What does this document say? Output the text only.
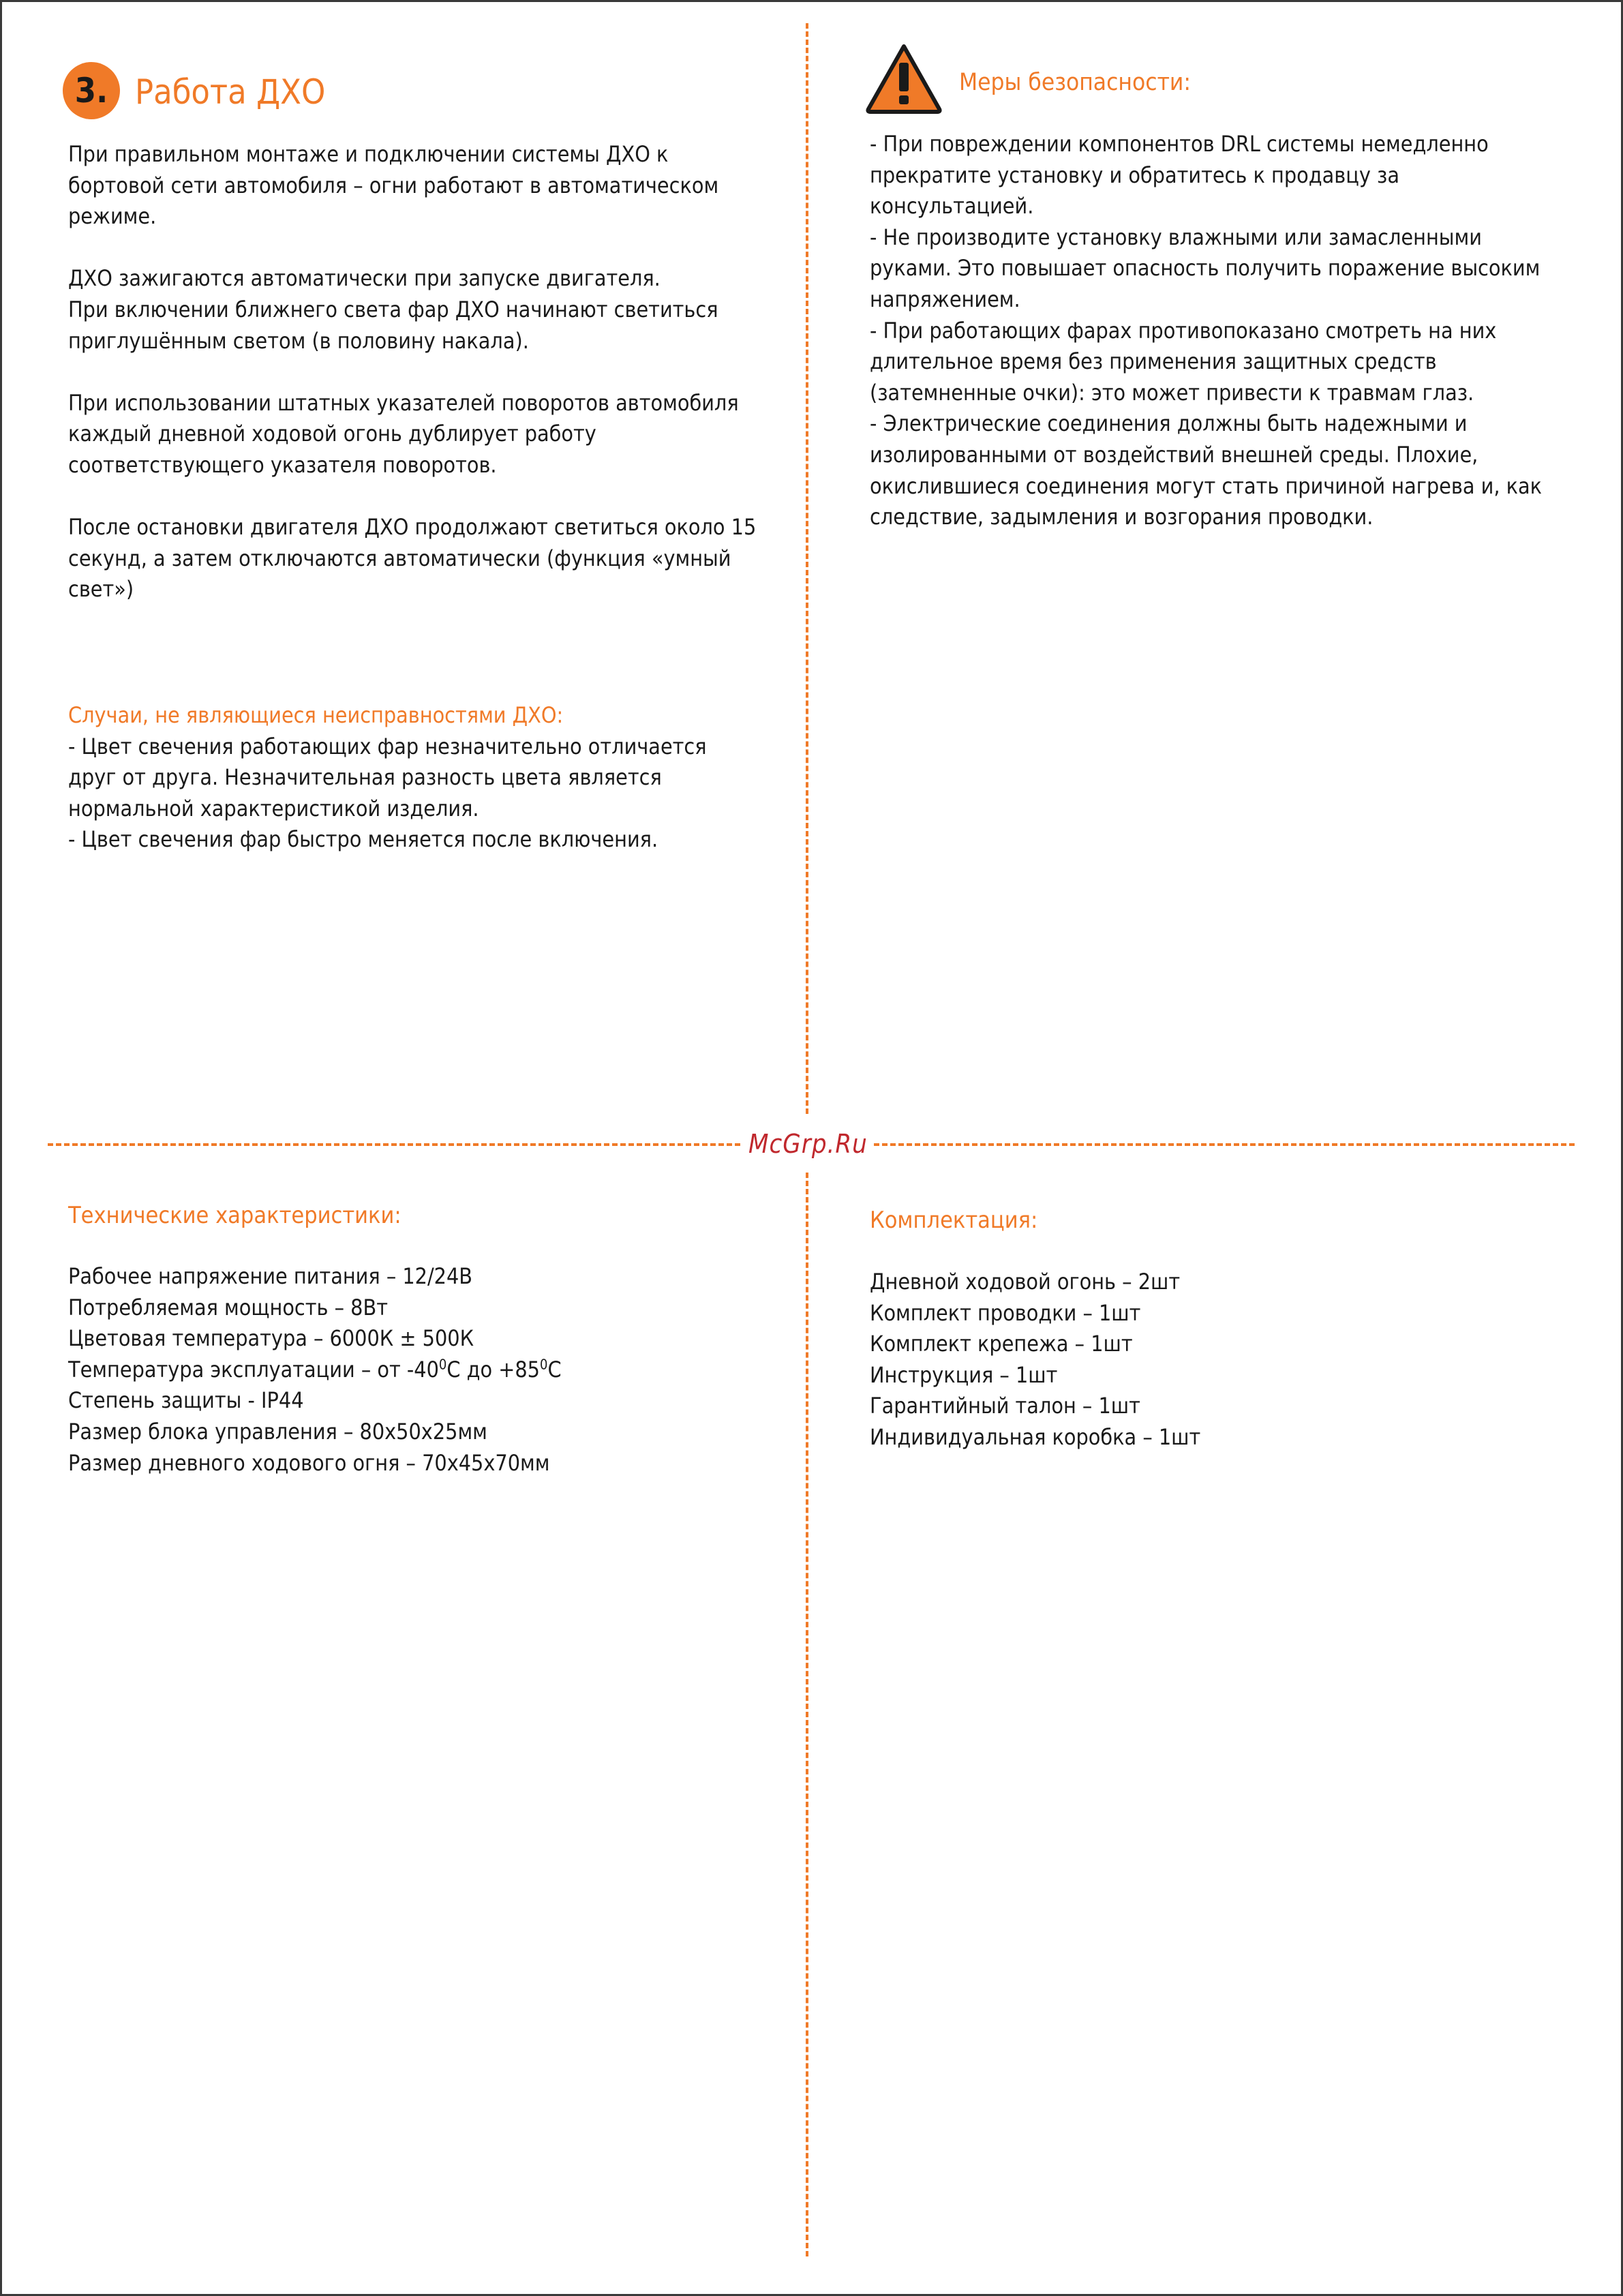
McGrp.Ru
3. Работа ДХО

При правильном монтаже и подключении системы ДХО к
бортовой сети автомобиля – огни работают в автоматическом
режиме.

ДХО зажигаются автоматически при запуске двигателя.
При включении ближнего света фар ДХО начинают светиться
приглушённым светом (в половину накала).

При использовании штатных указателей поворотов автомобиля
каждый дневной ходовой огонь дублирует работу
соответствующего указателя поворотов.

После остановки двигателя ДХО продолжают светиться около 15
секунд, а затем отключаются автоматически (функция «умный
свет»)

Случаи, не являющиеся неисправностями ДХО:

- Цвет свечения работающих фар незначительно отличается
друг от друга. Незначительная разность цвета является
нормальной характеристикой изделия.
- Цвет свечения фар быстро меняется после включения.

Меры безопасности:

- При повреждении компонентов DRL системы немедленно
прекратите установку и обратитесь к продавцу за
консультацией.
- Не производите установку влажными или замасленными
руками. Это повышает опасность получить поражение высоким
напряжением.
- При работающих фарах противопоказано смотреть на них
длительное время без применения защитных средств
(затемненные очки): это может привести к травмам глаз.
- Электрические соединения должны быть надежными и
изолированными от воздействий внешней среды. Плохие,
окислившиеся соединения могут стать причиной нагрева и, как
следствие, задымления и возгорания проводки.

Технические характеристики:

Рабочее напряжение питания – 12/24В
Потребляемая мощность – 8Вт
Цветовая температура – 6000К ± 500К
Температура эксплуатации – от $-40^0С$ до $+85^0С$
Степень защиты - IP44
Размер блока управления – 80х50х25мм
Размер дневного ходового огня – 70х45х70мм

Комплектация:

Дневной ходовой огонь – 2шт
Комплект проводки – 1шт
Комплект крепежа – 1шт
Инструкция – 1шт
Гарантийный талон – 1шт
Индивидуальная коробка – 1шт
